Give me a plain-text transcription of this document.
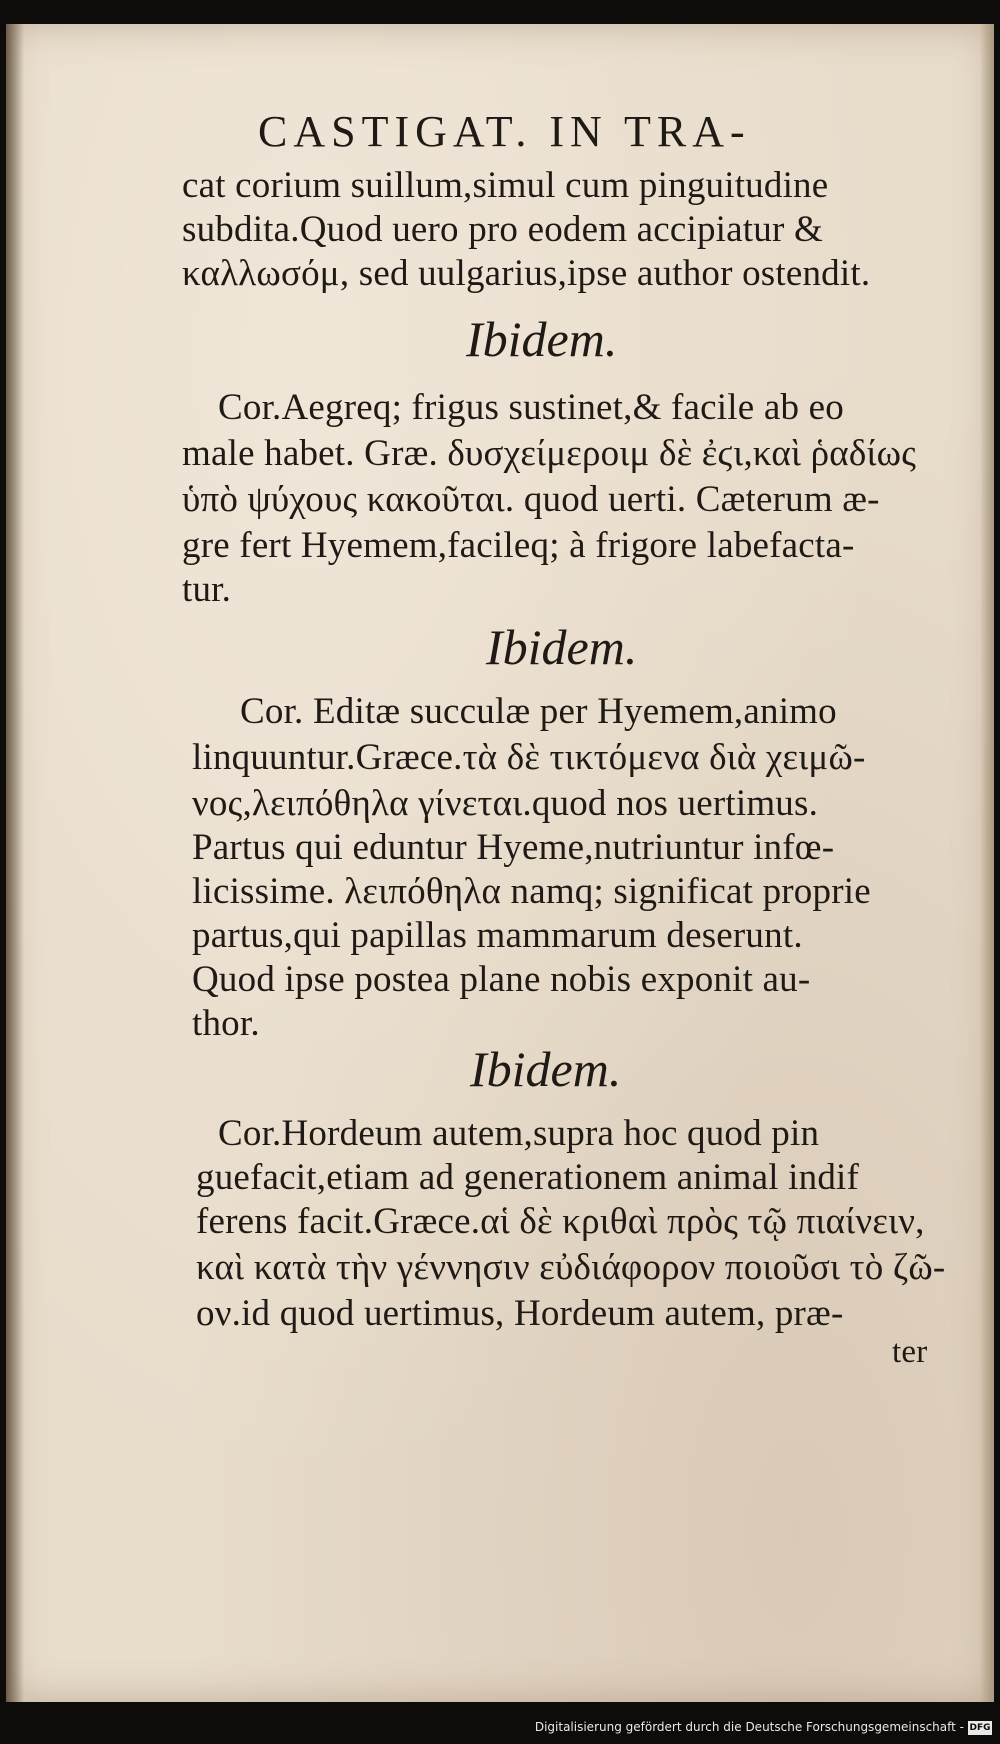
CASTIGAT. IN TRA-
cat corium suillum,simul cum pinguitudine
subdita.Quod uero pro eodem accipiatur &
καλλωσόμ, sed uulgarius,ipse author ostendit.
Ibidem.
Cor.Aegreq; frigus sustinet,& facile ab eo
male habet. Græ. δυσχείμεροιμ δὲ ἐϛι,καὶ ῥαδίως
ὑπὸ ψύχους κακοῦται. quod uerti. Cæterum æ-
gre fert Hyemem,facileq; à frigore labefacta-
tur.
Ibidem.
Cor. Editæ succulæ per Hyemem,animo
linquuntur.Græce.τὰ δὲ τικτόμενα διὰ χειμῶ-
νος,λειπόθηλα γίνεται.quod nos uertimus.
Partus qui eduntur Hyeme,nutriuntur infœ-
licissime. λειπόθηλα namq; significat proprie
partus,qui papillas mammarum deserunt.
Quod ipse postea plane nobis exponit au-
thor.
Ibidem.
Cor.Hordeum autem,supra hoc quod pin
guefacit,etiam ad generationem animal indif
ferens facit.Græce.αἱ δὲ κριθαὶ πρὸς τῷ πιαίνειν,
καὶ κατὰ τὴν γέννησιν εὐδιάφορον ποιοῦσι τὸ ζῶ-
ον.id quod uertimus, Hordeum autem, præ-
ter
Digitalisierung gefördert durch die Deutsche Forschungsgemeinschaft - DFG
